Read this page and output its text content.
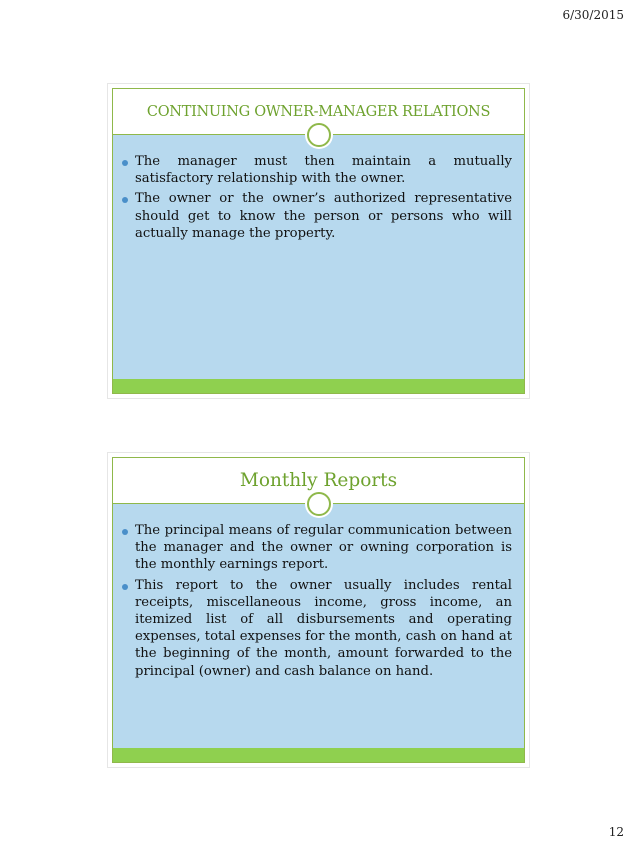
6/30/2015
CONTINUING OWNER-MANAGER RELATIONS

The manager must then maintain a mutually satisfactory relationship with the owner.

The owner or the owner’s authorized representative should get to know the person or persons who will actually manage the property.

Monthly Reports

The principal means of regular communication between the manager and the owner or owning corporation is the monthly earnings report.

This report to the owner usually includes rental receipts, miscellaneous income, gross income, an itemized list of all disbursements and operating expenses, total expenses for the month, cash on hand at the beginning of the month, amount forwarded to the principal (owner) and cash balance on hand.

12
